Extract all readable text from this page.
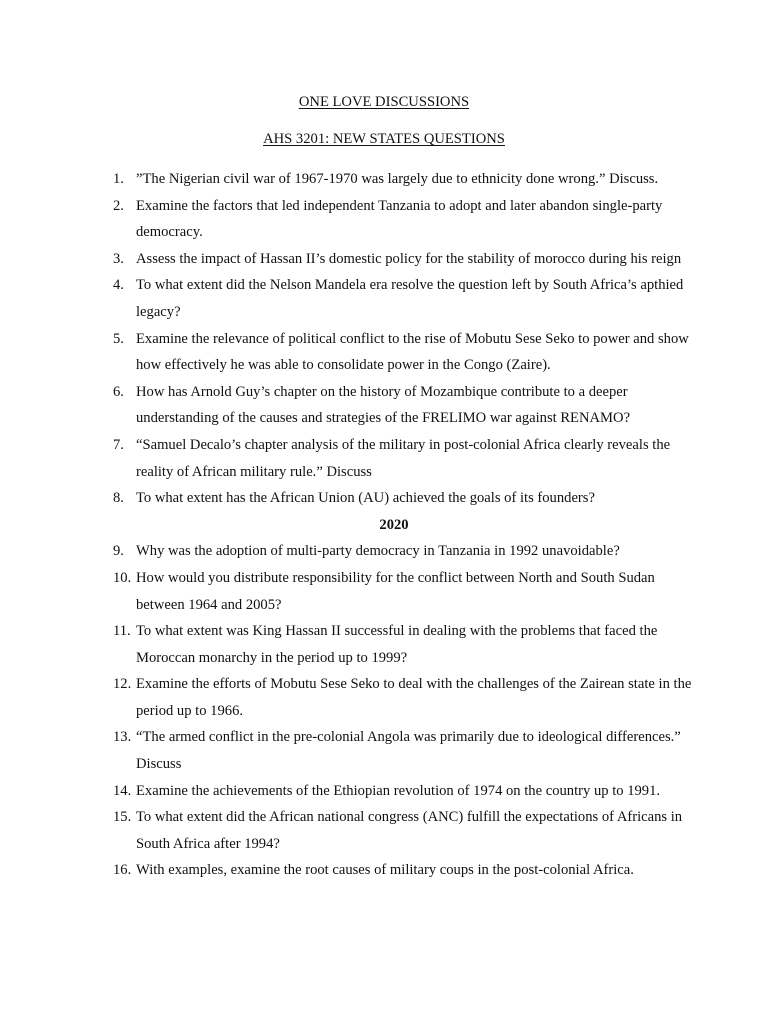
ONE LOVE DISCUSSIONS
AHS 3201: NEW STATES QUESTIONS
1. ”The Nigerian civil war of 1967-1970 was largely due to ethnicity done wrong.” Discuss.
2. Examine the factors that led independent Tanzania to adopt and later abandon single-party democracy.
3. Assess the impact of Hassan II’s domestic policy for the stability of morocco during his reign
4. To what extent did the Nelson Mandela era resolve the question left by South Africa’s apthied legacy?
5. Examine the relevance of political conflict to the rise of Mobutu Sese Seko to power and show how effectively he was able to consolidate power in the Congo (Zaire).
6. How has Arnold Guy’s chapter on the history of Mozambique contribute to a deeper understanding of the causes and strategies of the FRELIMO war against RENAMO?
7. “Samuel Decalo’s chapter analysis of the military in post-colonial Africa clearly reveals the reality of African military rule.” Discuss
8. To what extent has the African Union (AU) achieved the goals of its founders?
2020
9. Why was the adoption of multi-party democracy in Tanzania in 1992 unavoidable?
10. How would you distribute responsibility for the conflict between North and South Sudan between 1964 and 2005?
11. To what extent was King Hassan II successful in dealing with the problems that faced the Moroccan monarchy in the period up to 1999?
12. Examine the efforts of Mobutu Sese Seko to deal with the challenges of the Zairean state in the period up to 1966.
13. “The armed conflict in the pre-colonial Angola was primarily due to ideological differences.” Discuss
14. Examine the achievements of the Ethiopian revolution of 1974 on the country up to 1991.
15. To what extent did the African national congress (ANC) fulfill the expectations of Africans in South Africa after 1994?
16. With examples, examine the root causes of military coups in the post-colonial Africa.
